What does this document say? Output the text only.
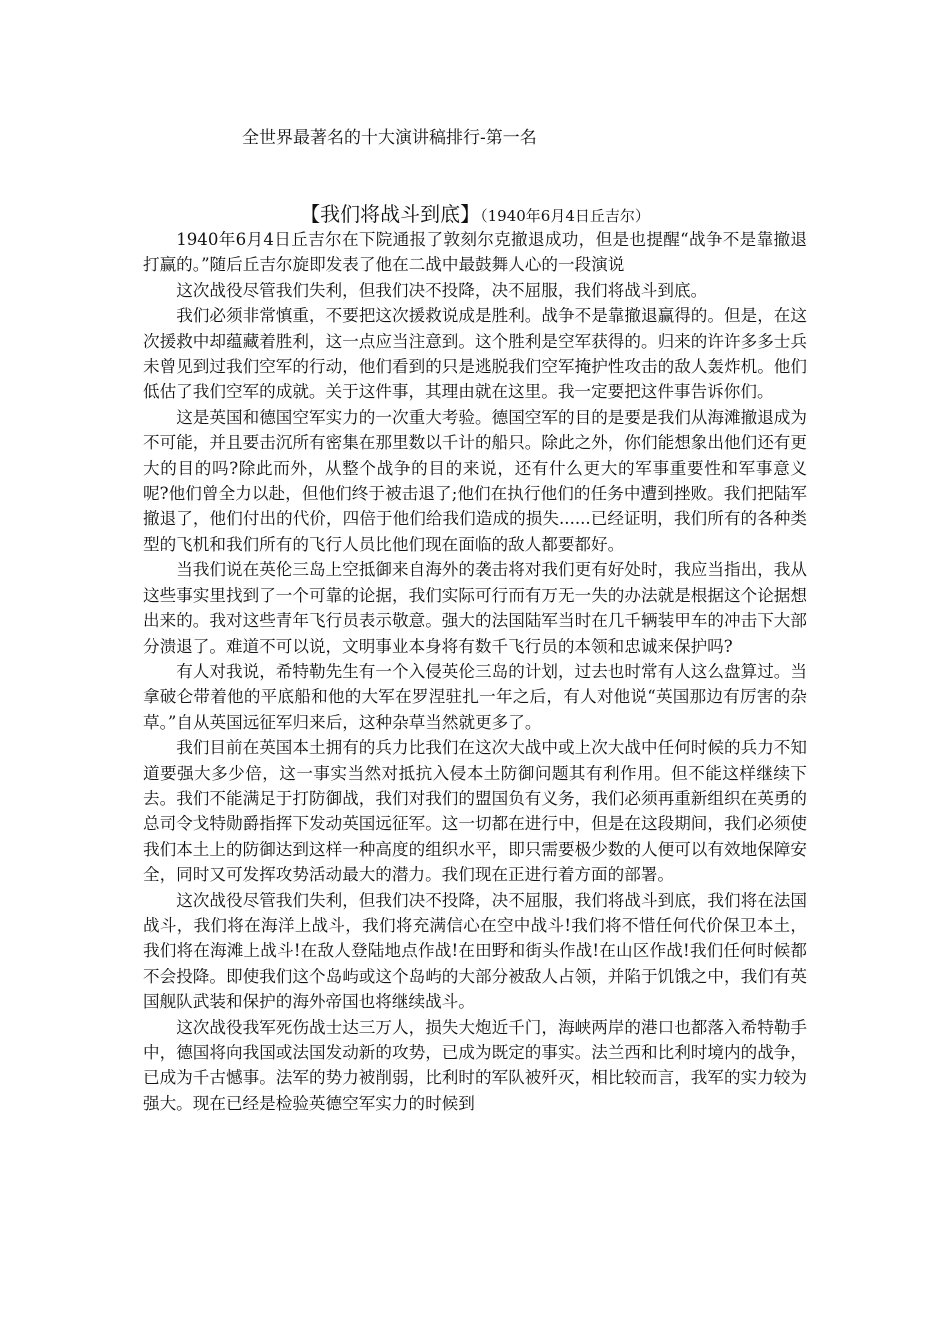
全世界最著名的十大演讲稿排行-第一名
【我们将战斗到底】（1940年6月4日丘吉尔）

1940年6月4日丘吉尔在下院通报了敦刻尔克撤退成功，但是也提醒“战争不是靠撤退打赢的。”随后丘吉尔旋即发表了他在二战中最鼓舞人心的一段演说

这次战役尽管我们失利，但我们决不投降，决不屈服，我们将战斗到底。

我们必须非常慎重，不要把这次援救说成是胜利。战争不是靠撤退赢得的。但是，在这次援救中却蕴藏着胜利，这一点应当注意到。这个胜利是空军获得的。归来的许许多多士兵未曾见到过我们空军的行动，他们看到的只是逃脱我们空军掩护性攻击的敌人轰炸机。他们低估了我们空军的成就。关于这件事，其理由就在这里。我一定要把这件事告诉你们。

这是英国和德国空军实力的一次重大考验。德国空军的目的是要是我们从海滩撤退成为不可能，并且要击沉所有密集在那里数以千计的船只。除此之外，你们能想象出他们还有更大的目的吗?除此而外，从整个战争的目的来说，还有什么更大的军事重要性和军事意义呢?他们曾全力以赴，但他们终于被击退了;他们在执行他们的任务中遭到挫败。我们把陆军撤退了，他们付出的代价，四倍于他们给我们造成的损失......已经证明，我们所有的各种类型的飞机和我们所有的飞行人员比他们现在面临的敌人都要都好。

当我们说在英伦三岛上空抵御来自海外的袭击将对我们更有好处时，我应当指出，我从这些事实里找到了一个可靠的论据，我们实际可行而有万无一失的办法就是根据这个论据想出来的。我对这些青年飞行员表示敬意。强大的法国陆军当时在几千辆装甲车的冲击下大部分溃退了。难道不可以说，文明事业本身将有数千飞行员的本领和忠诚来保护吗?

有人对我说，希特勒先生有一个入侵英伦三岛的计划，过去也时常有人这么盘算过。当拿破仑带着他的平底船和他的大军在罗涅驻扎一年之后，有人对他说“英国那边有厉害的杂草。”自从英国远征军归来后，这种杂草当然就更多了。

我们目前在英国本土拥有的兵力比我们在这次大战中或上次大战中任何时候的兵力不知道要强大多少倍，这一事实当然对抵抗入侵本土防御问题其有利作用。但不能这样继续下去。我们不能满足于打防御战，我们对我们的盟国负有义务，我们必须再重新组织在英勇的总司令戈特勋爵指挥下发动英国远征军。这一切都在进行中，但是在这段期间，我们必须使我们本土上的防御达到这样一种高度的组织水平，即只需要极少数的人便可以有效地保障安全，同时又可发挥攻势活动最大的潜力。我们现在正进行着方面的部署。

这次战役尽管我们失利，但我们决不投降，决不屈服，我们将战斗到底，我们将在法国战斗，我们将在海洋上战斗，我们将充满信心在空中战斗!我们将不惜任何代价保卫本土，我们将在海滩上战斗!在敌人登陆地点作战!在田野和街头作战!在山区作战!我们任何时候都不会投降。即使我们这个岛屿或这个岛屿的大部分被敌人占领，并陷于饥饿之中，我们有英国舰队武装和保护的海外帝国也将继续战斗。

这次战役我军死伤战士达三万人，损失大炮近千门，海峡两岸的港口也都落入希特勒手中，德国将向我国或法国发动新的攻势，已成为既定的事实。法兰西和比利时境内的战争，已成为千古憾事。法军的势力被削弱，比利时的军队被歼灭，相比较而言，我军的实力较为强大。现在已经是检验英德空军实力的时候到
